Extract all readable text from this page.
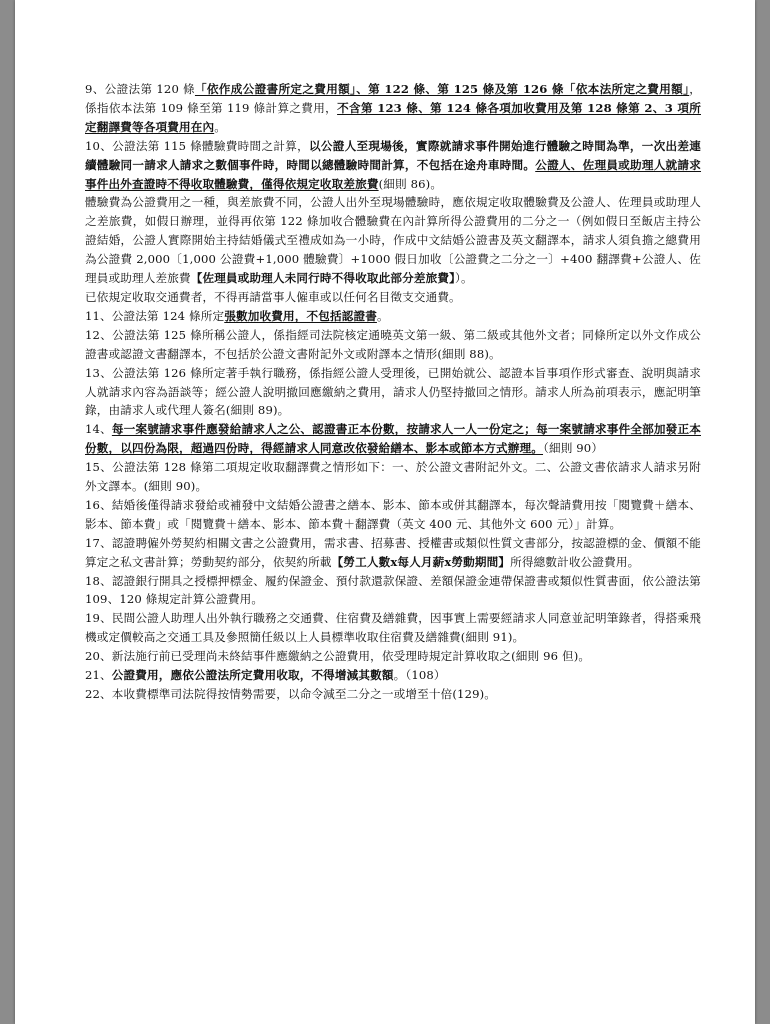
9、公證法第 120 條「依作成公證書所定之費用額」、第 122 條、第 125 條及第 126 條「依本法所定之費用額」，係指依本法第 109 條至第 119 條計算之費用，不含第 123 條、第 124 條各項加收費用及第 128 條第 2、3 項所定翻譯費等各項費用在內。

10、公證法第 115 條體驗費時間之計算，以公證人至現場後，實際就請求事件開始進行體驗之時間為準，一次出差連續體驗同一請求人請求之數個事件時，時間以總體驗時間計算，不包括在途舟車時間。公證人、佐理員或助理人就請求事件出外查證時不得收取體驗費，僅得依規定收取差旅費(細則 86)。

體驗費為公證費用之一種，與差旅費不同，公證人出外至現場體驗時，應依規定收取體驗費及公證人、佐理員或助理人之差旅費，如假日辦理，並得再依第 122 條加收合體驗費在內計算所得公證費用的二分之一（例如假日至飯店主持公證結婚，公證人實際開始主持結婚儀式至禮成如為一小時，作成中文結婚公證書及英文翻譯本，請求人須負擔之總費用為公證費 2,000〔1,000 公證費+1,000 體驗費〕+1000 假日加收〔公證費之二分之一〕+400 翻譯費+公證人、佐理員或助理人差旅費【佐理員或助理人未同行時不得收取此部分差旅費】）。

已依規定收取交通費者，不得再請當事人僱車或以任何名目徵支交通費。

11、公證法第 124 條所定張數加收費用，不包括認證書。

12、公證法第 125 條所稱公證人，係指經司法院核定通曉英文第一級、第二級或其他外文者；同條所定以外文作成公證書或認證文書翻譯本，不包括於公證文書附記外文或附譯本之情形(細則 88)。

13、公證法第 126 條所定著手執行職務，係指經公證人受理後，已開始就公、認證本旨事項作形式審查、說明與請求人就請求內容為語談等；經公證人說明撤回應繳納之費用，請求人仍堅持撤回之情形。請求人所為前項表示，應記明筆錄，由請求人或代理人簽名(細則 89)。

14、每一案號請求事件應發給請求人之公、認證書正本份數，按請求人一人一份定之；每一案號請求事件全部加發正本份數，以四份為限，超過四份時，得經請求人同意改依發給繕本、影本或節本方式辦理。（細則 90）

15、公證法第 128 條第二項規定收取翻譯費之情形如下：一、於公證文書附記外文。二、公證文書依請求人請求另附外文譯本。(細則 90)。

16、結婚後僅得請求發給或補發中文結婚公證書之繕本、影本、節本或併其翻譯本，每次聲請費用按「閱覽費＋繕本、影本、節本費」或「閱覽費＋繕本、影本、節本費＋翻譯費（英文 400 元、其他外文 600 元）」計算。

17、認證聘僱外勞契約相關文書之公證費用，需求書、招募書、授權書或類似性質文書部分，按認證標的金、價額不能算定之私文書計算；勞動契約部分，依契約所載【勞工人數x每人月薪x勞動期間】所得總數計收公證費用。

18、認證銀行開具之授標押標金、履約保證金、預付款還款保證、差額保證金連帶保證書或類似性質書面，依公證法第 109、120 條規定計算公證費用。

19、民間公證人助理人出外執行職務之交通費、住宿費及繕雜費，因事實上需要經請求人同意並記明筆錄者，得搭乘飛機或定價較高之交通工具及參照簡任級以上人員標準收取住宿費及繕雜費(細則 91)。

20、新法施行前已受理尚未終結事件應繳納之公證費用，依受理時規定計算收取之(細則 96 但)。

21、公證費用，應依公證法所定費用收取，不得增減其數額。（108）

22、本收費標準司法院得按情勢需要，以命令減至二分之一或增至十倍(129)。
